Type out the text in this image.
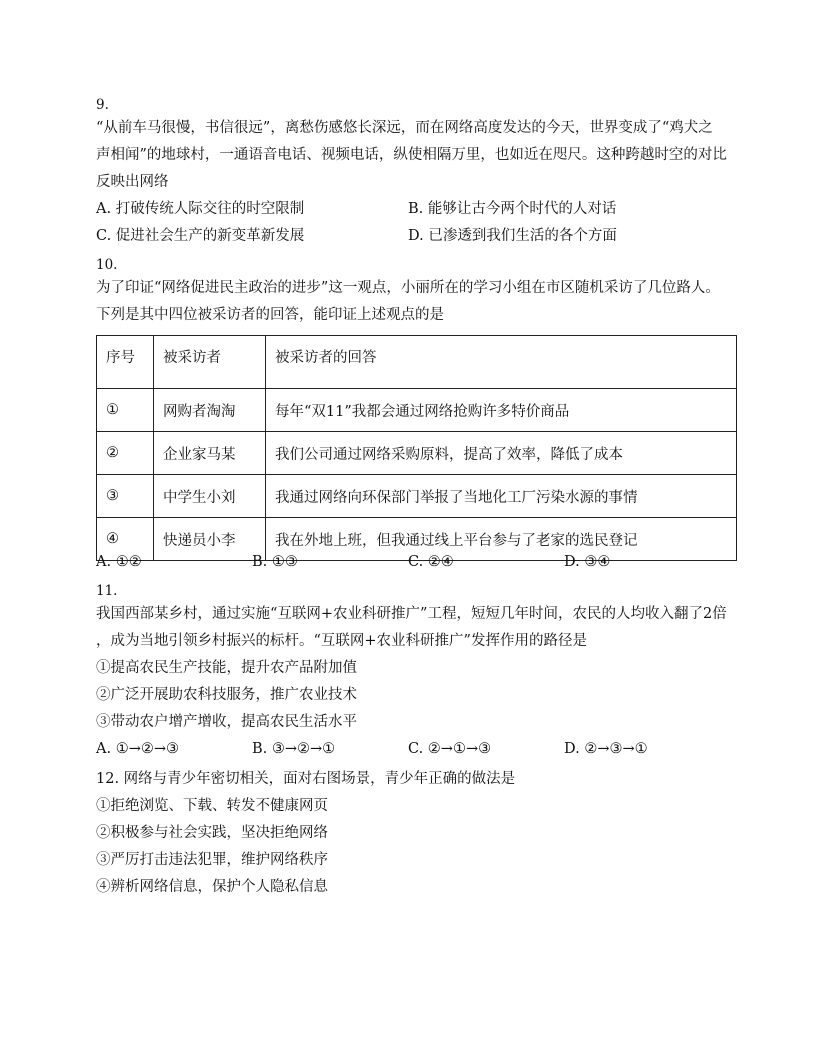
9.
“从前车马很慢，书信很远”，离愁伤感悠长深远，而在网络高度发达的今天，世界变成了“鸡犬之
声相闻”的地球村，一通语音电话、视频电话，纵使相隔万里，也如近在咫尺。这种跨越时空的对比
反映出网络
A. 打破传统人际交往的时空限制	B. 能够让古今两个时代的人对话
C. 促进社会生产的新变革新发展	D. 已渗透到我们生活的各个方面
10.
为了印证“网络促进民主政治的进步”这一观点，小丽所在的学习小组在市区随机采访了几位路人。
下列是其中四位被采访者的回答，能印证上述观点的是
序号	被采访者	被采访者的回答
①	网购者淘淘	每年“双11”我都会通过网络抢购许多特价商品
②	企业家马某	我们公司通过网络采购原料，提高了效率，降低了成本
③	中学生小刘	我通过网络向环保部门举报了当地化工厂污染水源的事情
④	快递员小李	我在外地上班，但我通过线上平台参与了老家的选民登记
A. ①②	B. ①③	C. ②④	D. ③④
11.
我国西部某乡村，通过实施“互联网+农业科研推广”工程，短短几年时间，农民的人均收入翻了2倍
，成为当地引领乡村振兴的标杆。“互联网+农业科研推广”发挥作用的路径是
①提高农民生产技能，提升农产品附加值
②广泛开展助农科技服务，推广农业技术
③带动农户增产增收，提高农民生活水平
A. ①→②→③	B. ③→②→①	C. ②→①→③	D. ②→③→①
12. 网络与青少年密切相关，面对右图场景，青少年正确的做法是
①拒绝浏览、下载、转发不健康网页
②积极参与社会实践，坚决拒绝网络
③严厉打击违法犯罪，维护网络秩序
④辨析网络信息，保护个人隐私信息
